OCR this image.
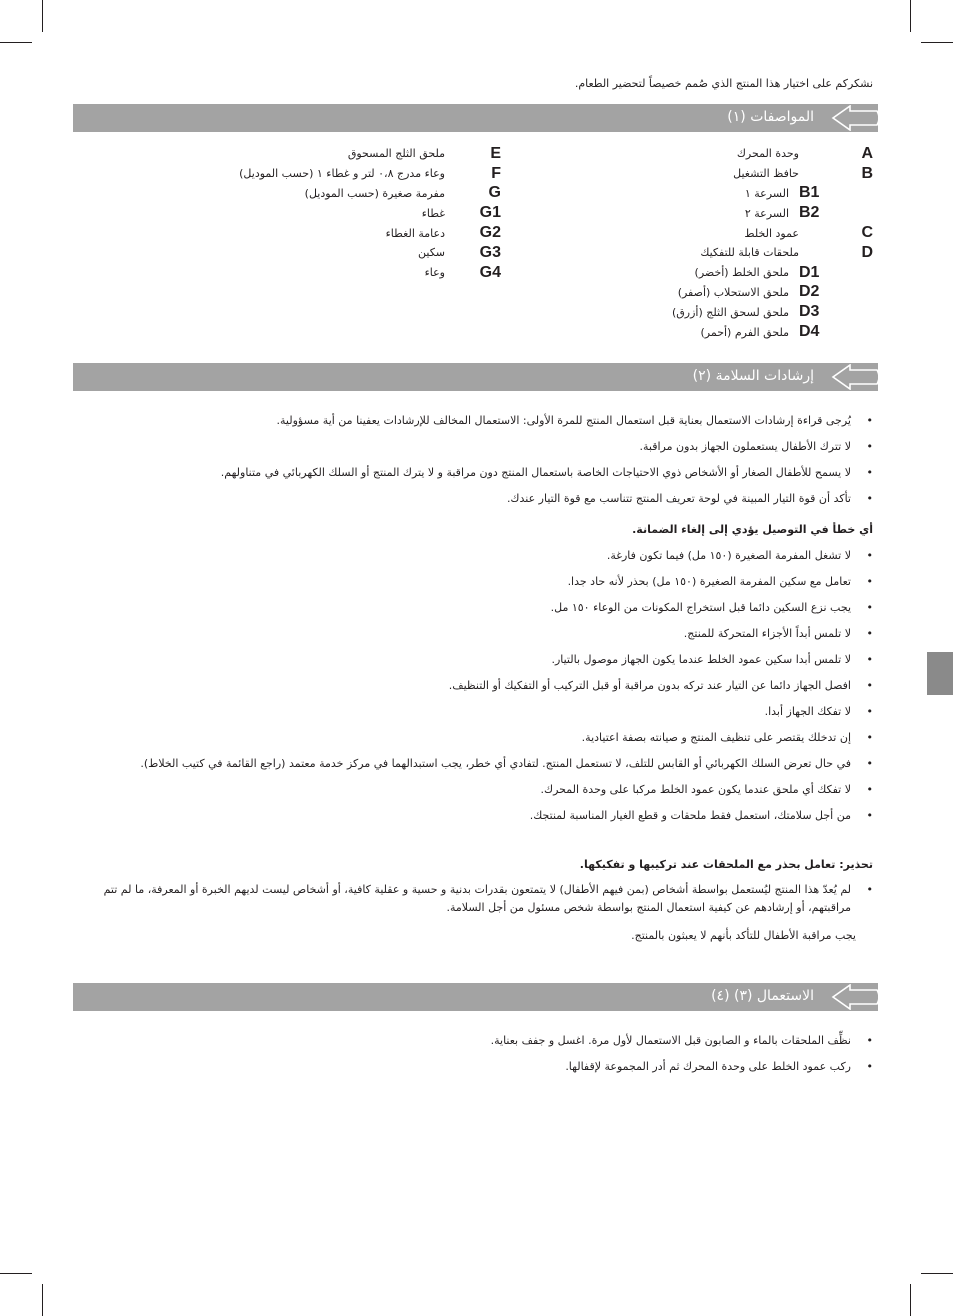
نشكركم على اختيار هذا المنتج الذي صُمم خصيصاً لتحضير الطعام.
المواصفات (١)
A
وحدة المحرك
B
حافظ التشغيل
B1
السرعة ١
B2
السرعة ٢
C
عمود الخلط
D
ملحقات قابلة للتفكيك
D1
ملحق الخلط (أخضر)
D2
ملحق الاستحلاب (أصفر)
D3
ملحق لسحق الثلج (أزرق)
D4
ملحق الفرم (أحمر)
E
ملحق الثلج المسحوق
F
وعاء مدرج ٠،٨ لتر و غطاء ١ (حسب الموديل)
G
مفرمة صغيرة (حسب الموديل)
G1
غطاء
G2
دعامة الغطاء
G3
سكين
G4
وعاء
إرشادات السلامة (٢)
•
يُرجى قراءة إرشادات الاستعمال بعناية قبل استعمال المنتج للمرة الأولى: الاستعمال المخالف للإرشادات يعفينا من أية مسؤولية.
•
لا تترك الأطفال يستعملون الجهاز بدون مراقبة.
•
لا يسمح للأطفال الصغار أو الأشخاص ذوي الاحتياجات الخاصة باستعمال المنتج دون مراقبة و لا يترك المنتج أو السلك الكهربائي في متناولهم.
•
تأكد أن قوة التيار المبينة في لوحة تعريف المنتج تتناسب مع قوة التيار عندك.
أي خطأ في التوصيل يؤدي إلى إلغاء الضمانة.
•
لا تشغل المفرمة الصغيرة (١٥٠ مل) فيما تكون فارغة.
•
تعامل مع سكين المفرمة الصغيرة (١٥٠ مل) بحذر لأنه حاد جدا.
•
يجب نزع السكين دائما قبل استخراج المكونات من الوعاء ١٥٠ مل.
•
لا تلمس أبداً الأجزاء المتحركة للمنتج.
•
لا تلمس أبدا سكين عمود الخلط عندما يكون الجهاز موصول بالتيار.
•
افصل الجهاز دائما عن التيار عند تركه بدون مراقبة أو قبل التركيب أو التفكيك أو التنظيف.
•
لا تفكك الجهاز أبدا.
•
إن تدخلك يقتصر على تنظيف المنتج و صيانته بصفة اعتيادية.
•
في حال تعرض السلك الكهربائي أو القابس للتلف، لا تستعمل المنتج. لتفادي أي خطر، يجب استبدالهما في مركز خدمة معتمد (راجع القائمة في كتيب الخلاط).
•
لا تفكك أي ملحق عندما يكون عمود الخلط مركبا على وحدة المحرك.
•
من أجل سلامتك، استعمل فقط ملحقات و قطع الغيار المناسبة لمنتجك.
تحذير: تعامل بحذر مع الملحقات عند تركيبها و تفكيكها.
•
لم يُعدّ هذا المنتج ليُستعمل بواسطة أشخاص (بمن فيهم الأطفال) لا يتمتعون بقدرات بدنية و حسية و عقلية كافية، أو أشخاص ليست لديهم الخبرة أو المعرفة، ما لم تتم مراقبتهم، أو إرشادهم عن كيفية استعمال المنتج بواسطة شخص مسئول من أجل السلامة.
يجب مراقبة الأطفال للتأكد بأنهم لا يعبثون بالمنتج.
الاستعمال (٣) (٤)
•
نظِّف الملحقات بالماء و الصابون قبل الاستعمال لأول مرة. اغسل و جفف بعناية.
•
ركب عمود الخلط على وحدة المحرك ثم أدر المجموعة لإقفالها.
